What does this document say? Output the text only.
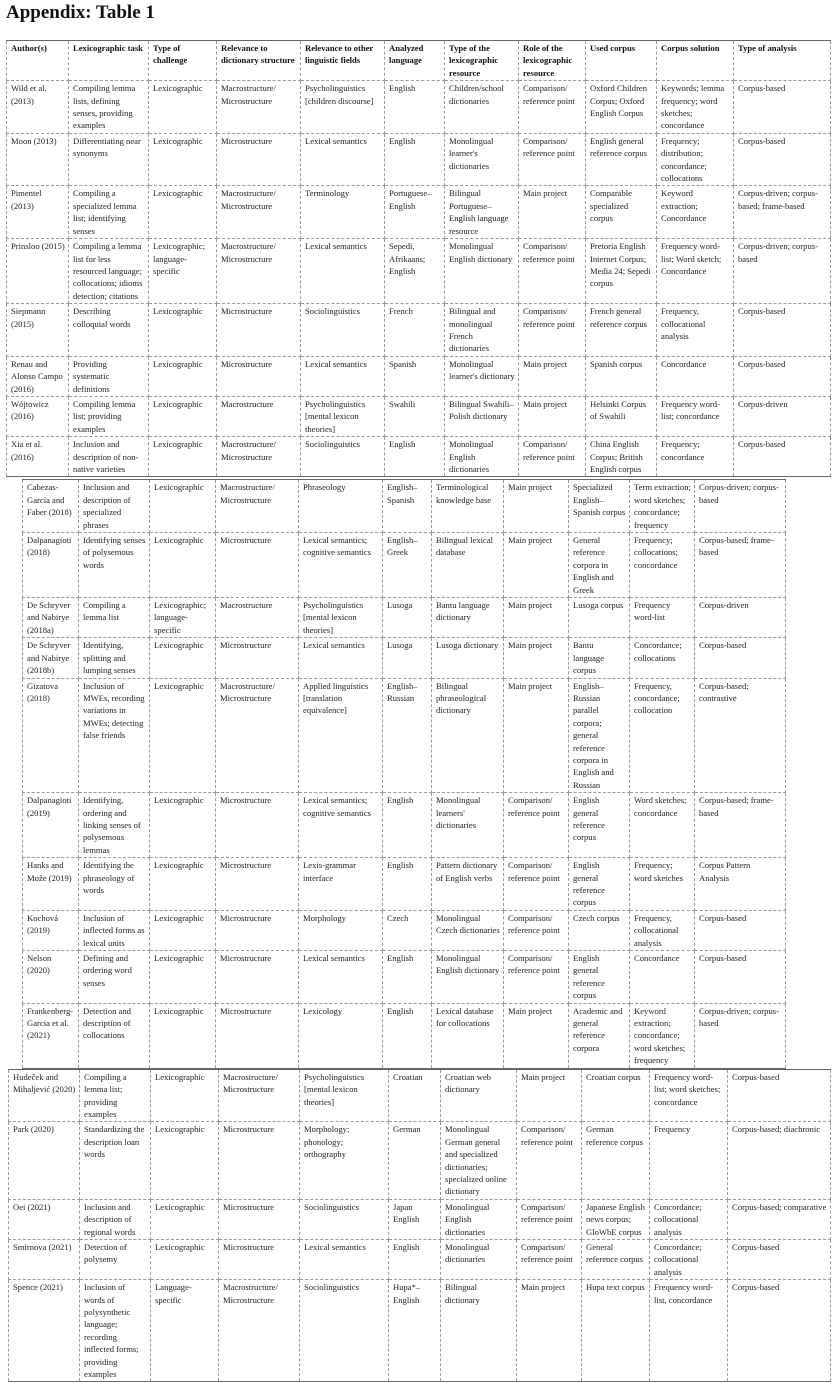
Appendix: Table 1
Author(s)	Lexicographic task	Type of challenge	Relevance to dictionary structure	Relevance to other linguistic fields	Analyzed language	Type of the lexicographic resource	Role of the lexicographic resource	Used corpus	Corpus solution	Type of analysis
Wild et al. (2013)	Compiling lemma lists, defining senses, providing examples	Lexicographic	Macrostructure/ Microstructure	Psycholinguistics [children discourse]	English	Children/school dictionaries	Comparison/ reference point	Oxford Children Corpus; Oxford English Corpus	Keywords; lemma frequency; word sketches; concordance	Corpus-based
Moon (2013)	Differentiating near synonyms	Lexicographic	Microstructure	Lexical semantics	English	Monolingual learner's dictionaries	Comparison/ reference point	English general reference corpus	Frequency; distribution; concordance; collocations	Corpus-based
Pimentel (2013)	Compiling a specialized lemma list; identifying senses	Lexicographic	Macrostructure/ Microstructure	Terminology	Portuguese–English	Bilingual Portuguese–English language resource	Main project	Comparable specialized corpus	Keyword extraction; Concordance	Corpus-driven; corpus-based; frame-based
Prinsloo (2015)	Compiling a lemma list for less resourced language; collocations; idioms detection; citations	Lexicographic; language-specific	Macrostructure/ Microstructure	Lexical semantics	Sepedi, Afrikaans; English	Monolingual English dictionary	Comparison/ reference point	Pretoria English Internet Corpus; Media 24; Sepedi corpus	Frequency word-list; Word sketch; Concordance	Corpus-driven; corpus-based
Siepmann (2015)	Describing colloquial words	Lexicographic	Microstructure	Sociolinguistics	French	Bilingual and monolingual French dictionaries	Comparison/ reference point	French general reference corpus	Frequency, collocational analysis	Corpus-based
Renau and Alonso Campo (2016)	Providing systematic definitions	Lexicographic	Microstructure	Lexical semantics	Spanish	Monolingual learner's dictionary	Main project	Spanish corpus	Concordance	Corpus-based
Wójtowicz (2016)	Compiling lemma list; providing examples	Lexicographic	Macrostructure	Psycholinguistics [mental lexicon theories]	Swahili	Bilingual Swahili–Polish dictionary	Main project	Helsinki Corpus of Swahili	Frequency word-list; concordance	Corpus-driven
Xia et al. (2016)	Inclusion and description of non-native varieties	Lexicographic	Macrostructure/ Microstructure	Sociolinguistics	English	Monolingual English dictionaries	Comparison/ reference point	China English Corpus; British English corpus	Frequency; concordance	Corpus-based
Cabezas-García and Faber (2018)	Inclusion and description of specialized phrases	Lexicographic	Macrostructure/ Microstructure	Phraseology	English–Spanish	Terminological knowledge base	Main project	Specialized English–Spanish corpus	Term extraction; word sketches; concordance; frequency	Corpus-driven; corpus-based
Dalpanagioti (2018)	Identifying senses of polysemous words	Lexicographic	Microstructure	Lexical semantics; cognitive semantics	English–Greek	Bilingual lexical database	Main project	General reference corpora in English and Greek	Frequency; collocations; concordance	Corpus-based; frame-based
De Schryver and Nabirye (2018a)	Compiling a lemma list	Lexicographic; language-specific	Macrostructure	Psycholinguistics [mental lexicon theories]	Lusoga	Bantu language dictionary	Main project	Lusoga corpus	Frequency word-list	Corpus-driven
De Schryver and Nabirye (2018b)	Identifying, splitting and lumping senses	Lexicographic	Microstructure	Lexical semantics	Lusoga	Lusoga dictionary	Main project	Bantu language corpus	Concordance; collocations	Corpus-based
Gizatova (2018)	Inclusion of MWEs, recording variations in MWEs; detecting false friends	Lexicographic	Macrostructure/ Microstructure	Applied linguistics [translation equivalence]	English–Russian	Bilingual phraseological dictionary	Main project	English–Russian parallel corpora; general reference corpora in English and Russian	Frequency, concordance; collocation	Corpus-based; contrastive
Dalpanagioti (2019)	Identifying, ordering and linking senses of polysemous lemmas	Lexicographic	Microstructure	Lexical semantics; cognitive semantics	English	Monolingual learners' dictionaries	Comparison/ reference point	English general reference corpus	Word sketches; concordance	Corpus-based; frame-based
Hanks and Može (2019)	Identifying the phraseology of words	Lexicographic	Microstructure	Lexis-grammar interface	English	Pattern dictionary of English verbs	Comparison/ reference point	English general reference corpus	Frequency; word sketches	Corpus Pattern Analysis
Kochová (2019)	Inclusion of inflected forms as lexical units	Lexicographic	Microstructure	Morphology	Czech	Monolingual Czech dictionaries	Comparison/ reference point	Czech corpus	Frequency, collocational analysis	Corpus-based
Nelson (2020)	Defining and ordering word senses	Lexicographic	Microstructure	Lexical semantics	English	Monolingual English dictionary	Comparison/ reference point	English general reference corpus	Concordance	Corpus-based
Frankenberg-Garcia et al. (2021)	Detection and description of collocations	Lexicographic	Microstructure	Lexicology	English	Lexical database for collocations	Main project	Academic and general reference corpora	Keyword extraction; concordance; word sketches; frequency	Corpus-driven; corpus-based
Hudeček and Mihaljević (2020)	Compiling a lemma list; providing examples	Lexicographic	Macrostructure/ Microstructure	Psycholinguistics [mental lexicon theories]	Croatian	Croatian web dictionary	Main project	Croatian corpus	Frequency word-list; word sketches; concordance	Corpus-based
Park (2020)	Standardizing the description loan words	Lexicographic	Microstructure	Morphology; phonology; orthography	German	Monolingual German general and specialized dictionaries; specialized online dictionary	Comparison/ reference point	German reference corpus	Frequency	Corpus-based; diachronic
Oei (2021)	Inclusion and description of regional words	Lexicographic	Microstructure	Sociolinguistics	Japan English	Monolingual English dictionaries	Comparison/ reference point	Japanese English news corpus; GloWbE corpus	Concordance; collocational analysis	Corpus-based; comparative
Smirnova (2021)	Detection of polysemy	Lexicographic	Microstructure	Lexical semantics	English	Monolingual dictionaries	Comparison/ reference point	General reference corpus	Concordance; collocational analysis	Corpus-based
Spence (2021)	Inclusion of words of polysynthetic language; recording inflected forms; providing examples	Language-specific	Macrostructure/ Microstructure	Sociolinguistics	Hupa*–English	Bilingual dictionary	Main project	Hupa text corpus	Frequency word-list, concordance	Corpus-based
